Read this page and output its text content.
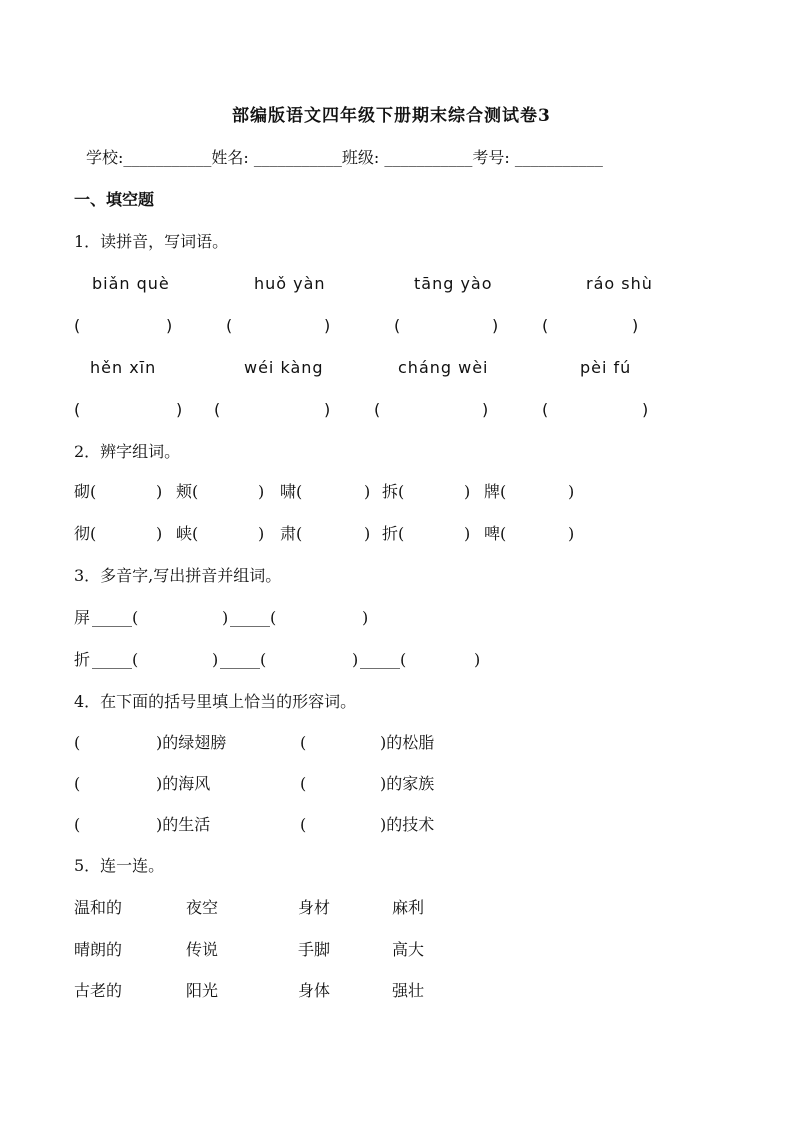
部编版语文四年级下册期末综合测试卷3
学校:___________姓名: ___________班级: ___________考号: ___________
一、填空题
1．读拼音，写词语。
biǎn què	huǒ yàn	tāng yào	ráo shù
(	)	(	)	(	)	(	)
hěn xīn	wéi kàng	cháng wèi	pèi fú
(	) (	)	(	)	(	)
2．辨字组词。
砌(	) 颊(	) 啸(	) 拆(	) 牌(	)
彻(	) 峡(	) 肃(	) 折(	) 啤(	)
3．多音字,写出拼音并组词。
屏 _____(	) _____(	)
折 _____(	) _____(	) _____(	)
4．在下面的括号里填上恰当的形容词。
(	)的绿翅膀	(	)的松脂
(	)的海风	(	)的家族
(	)的生活	(	)的技术
5．连一连。
温和的	夜空	身材	麻利
晴朗的	传说	手脚	高大
古老的	阳光	身体	强壮
